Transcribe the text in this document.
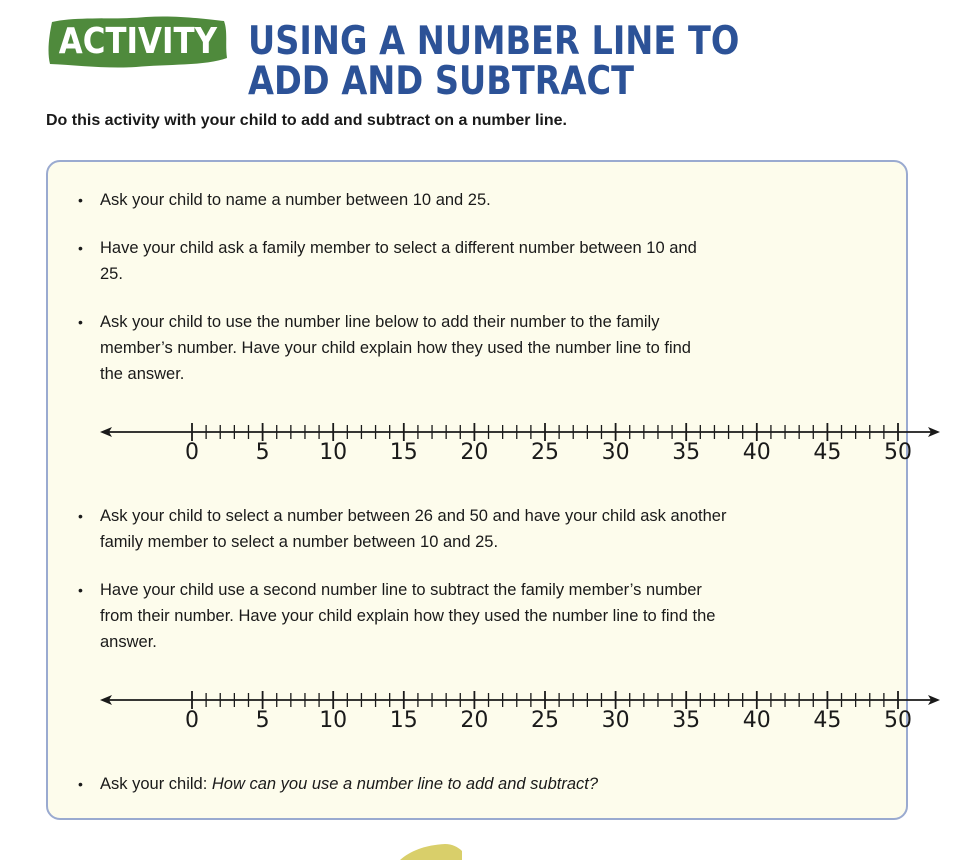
ACTIVITY USING A NUMBER LINE TO
ADD AND SUBTRACT
Do this activity with your child to add and subtract on a number line.
• Ask your child to name a number between 10 and 25.
• Have your child ask a family member to select a different number between 10 and 25.
• Ask your child to use the number line below to add their number to the family member’s number. Have your child explain how they used the number line to find the answer.
0	5	10	15	20	25	30	35	40	45	50
• Ask your child to select a number between 26 and 50 and have your child ask another family member to select a number between 10 and 25.
• Have your child use a second number line to subtract the family member’s number from their number. Have your child explain how they used the number line to find the answer.
0	5	10	15	20	25	30	35	40	45	50
• Ask your child: How can you use a number line to add and subtract?
